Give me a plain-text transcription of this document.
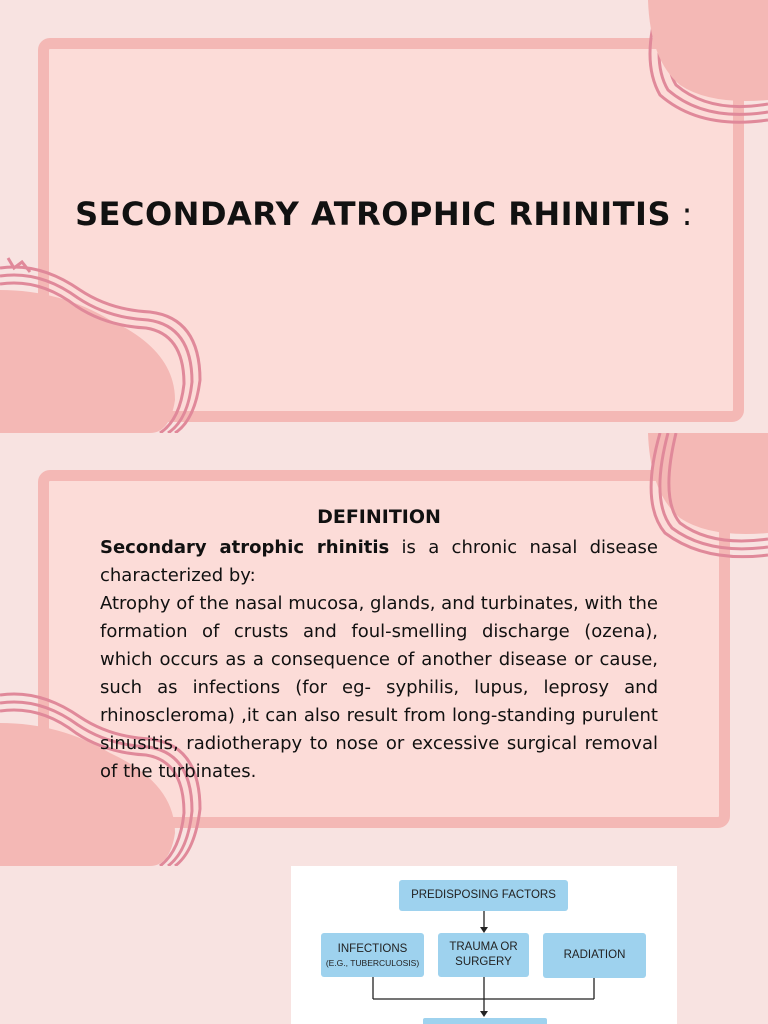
SECONDARY ATROPHIC RHINITIS :
DEFINITION

Secondary atrophic rhinitis is a chronic nasal disease characterized by:

Atrophy of the nasal mucosa, glands, and turbinates, with the formation of crusts and foul-smelling discharge (ozena), which occurs as a consequence of another disease or cause, such as infections (for eg- syphilis, lupus, leprosy and rhinoscleroma) ,it can also result from long-standing purulent sinusitis, radiotherapy to nose or excessive surgical removal of the turbinates.

PREDISPOSING FACTORS
INFECTIONS
(E.G., TUBERCULOSIS)
TRAUMA OR SURGERY
RADIATION
